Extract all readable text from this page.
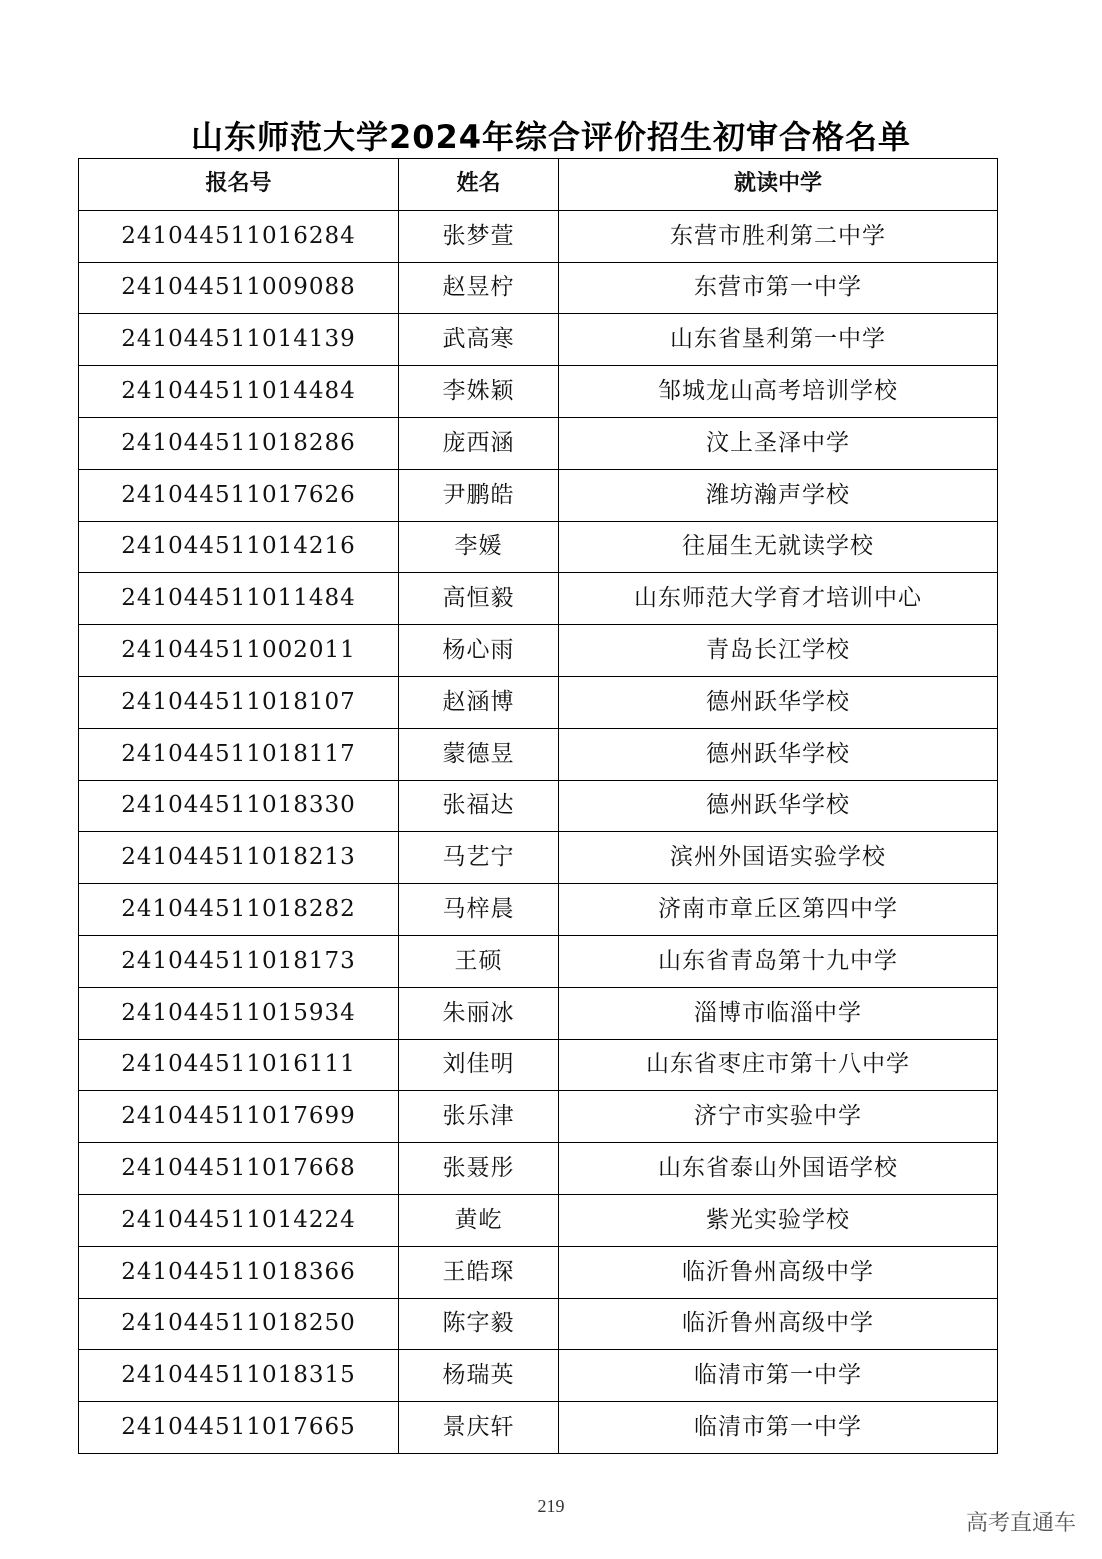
山东师范大学2024年综合评价招生初审合格名单
报名号	姓名	就读中学
241044511016284	张梦萱	东营市胜利第二中学
241044511009088	赵昱柠	东营市第一中学
241044511014139	武高寒	山东省垦利第一中学
241044511014484	李姝颖	邹城龙山高考培训学校
241044511018286	庞西涵	汶上圣泽中学
241044511017626	尹鹏皓	潍坊瀚声学校
241044511014216	李媛	往届生无就读学校
241044511011484	高恒毅	山东师范大学育才培训中心
241044511002011	杨心雨	青岛长江学校
241044511018107	赵涵博	德州跃华学校
241044511018117	蒙德昱	德州跃华学校
241044511018330	张福达	德州跃华学校
241044511018213	马艺宁	滨州外国语实验学校
241044511018282	马梓晨	济南市章丘区第四中学
241044511018173	王硕	山东省青岛第十九中学
241044511015934	朱丽冰	淄博市临淄中学
241044511016111	刘佳明	山东省枣庄市第十八中学
241044511017699	张乐津	济宁市实验中学
241044511017668	张聂彤	山东省泰山外国语学校
241044511014224	黄屹	紫光实验学校
241044511018366	王皓琛	临沂鲁州高级中学
241044511018250	陈字毅	临沂鲁州高级中学
241044511018315	杨瑞英	临清市第一中学
241044511017665	景庆轩	临清市第一中学
219
高考直通车
